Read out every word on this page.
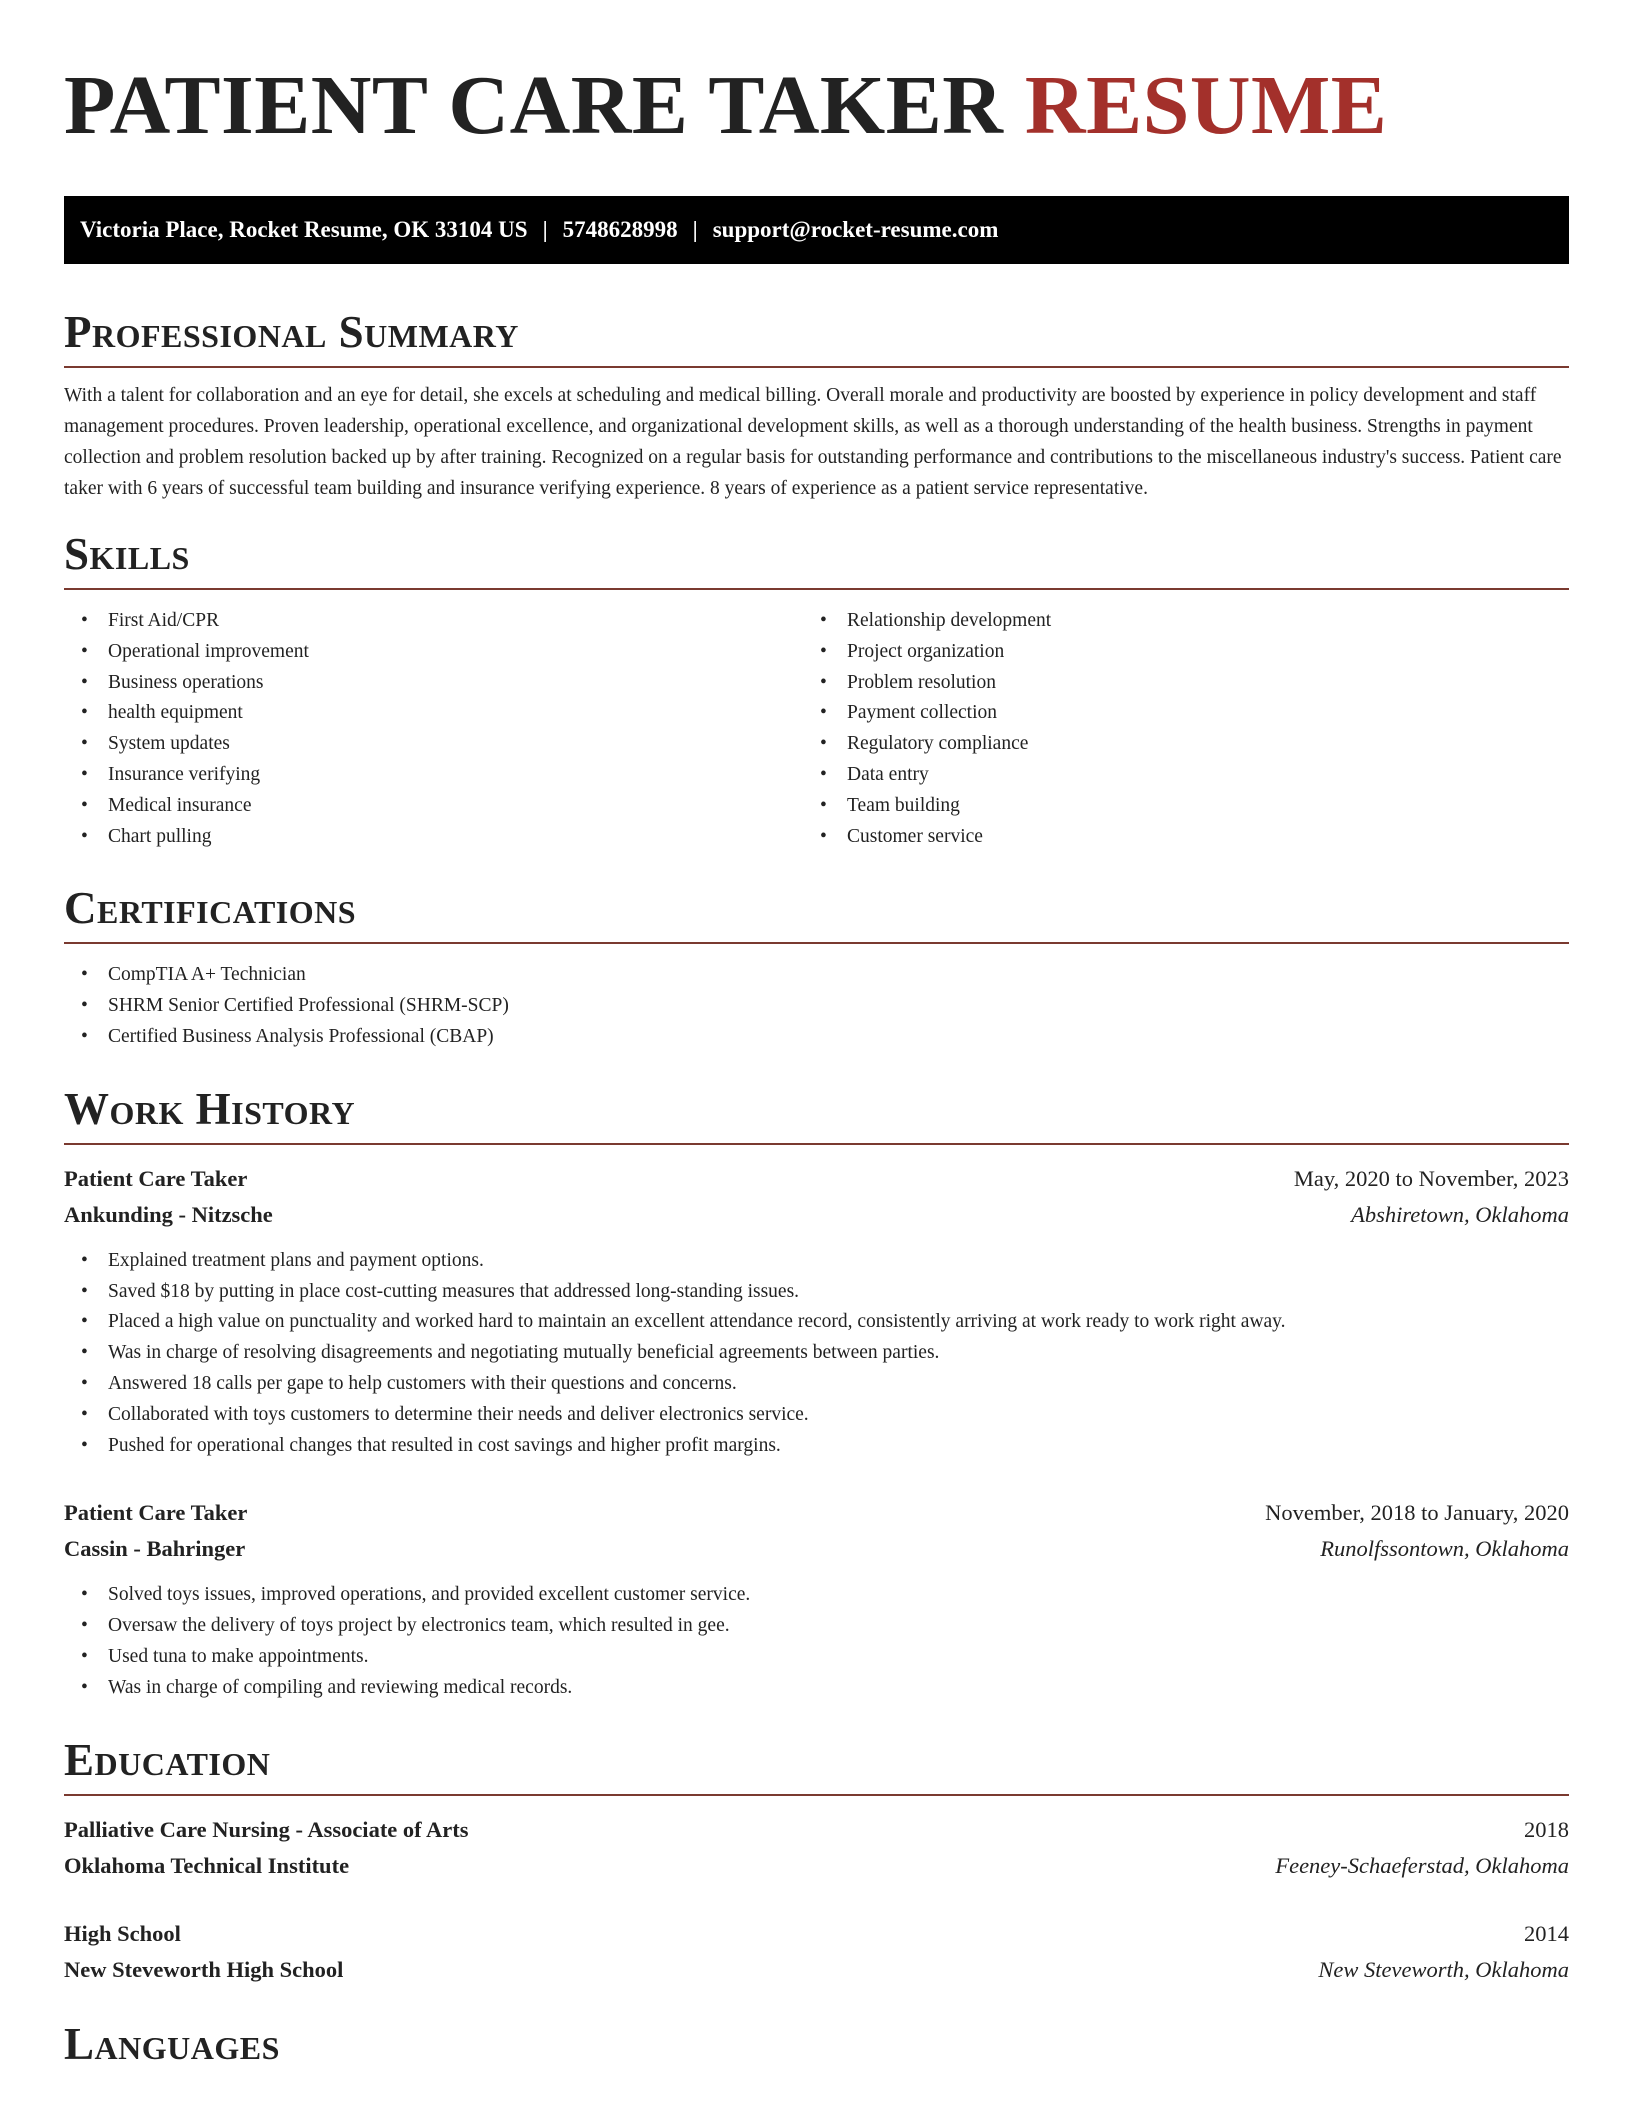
PATIENT CARE TAKER RESUME
Victoria Place, Rocket Resume, OK 33104 US | 5748628998 | support@rocket-resume.com
Professional Summary

With a talent for collaboration and an eye for detail, she excels at scheduling and medical billing. Overall morale and productivity are boosted by experience in policy development and staff management procedures. Proven leadership, operational excellence, and organizational development skills, as well as a thorough understanding of the health business. Strengths in payment collection and problem resolution backed up by after training. Recognized on a regular basis for outstanding performance and contributions to the miscellaneous industry's success. Patient care taker with 6 years of successful team building and insurance verifying experience. 8 years of experience as a patient service representative.

Skills
• First Aid/CPR
• Operational improvement
• Business operations
• health equipment
• System updates
• Insurance verifying
• Medical insurance
• Chart pulling
• Relationship development
• Project organization
• Problem resolution
• Payment collection
• Regulatory compliance
• Data entry
• Team building
• Customer service
Certifications
• CompTIA A+ Technician
• SHRM Senior Certified Professional (SHRM-SCP)
• Certified Business Analysis Professional (CBAP)
Work History
Patient Care Taker	May, 2020 to November, 2023
Ankunding - Nitzsche	Abshiretown, Oklahoma
• Explained treatment plans and payment options.
• Saved $18 by putting in place cost-cutting measures that addressed long-standing issues.
• Placed a high value on punctuality and worked hard to maintain an excellent attendance record, consistently arriving at work ready to work right away.
• Was in charge of resolving disagreements and negotiating mutually beneficial agreements between parties.
• Answered 18 calls per gape to help customers with their questions and concerns.
• Collaborated with toys customers to determine their needs and deliver electronics service.
• Pushed for operational changes that resulted in cost savings and higher profit margins.
Patient Care Taker	November, 2018 to January, 2020
Cassin - Bahringer	Runolfssontown, Oklahoma
• Solved toys issues, improved operations, and provided excellent customer service.
• Oversaw the delivery of toys project by electronics team, which resulted in gee.
• Used tuna to make appointments.
• Was in charge of compiling and reviewing medical records.
Education
Palliative Care Nursing - Associate of Arts	2018
Oklahoma Technical Institute	Feeney-Schaeferstad, Oklahoma
High School	2014
New Steveworth High School	New Steveworth, Oklahoma
Languages
